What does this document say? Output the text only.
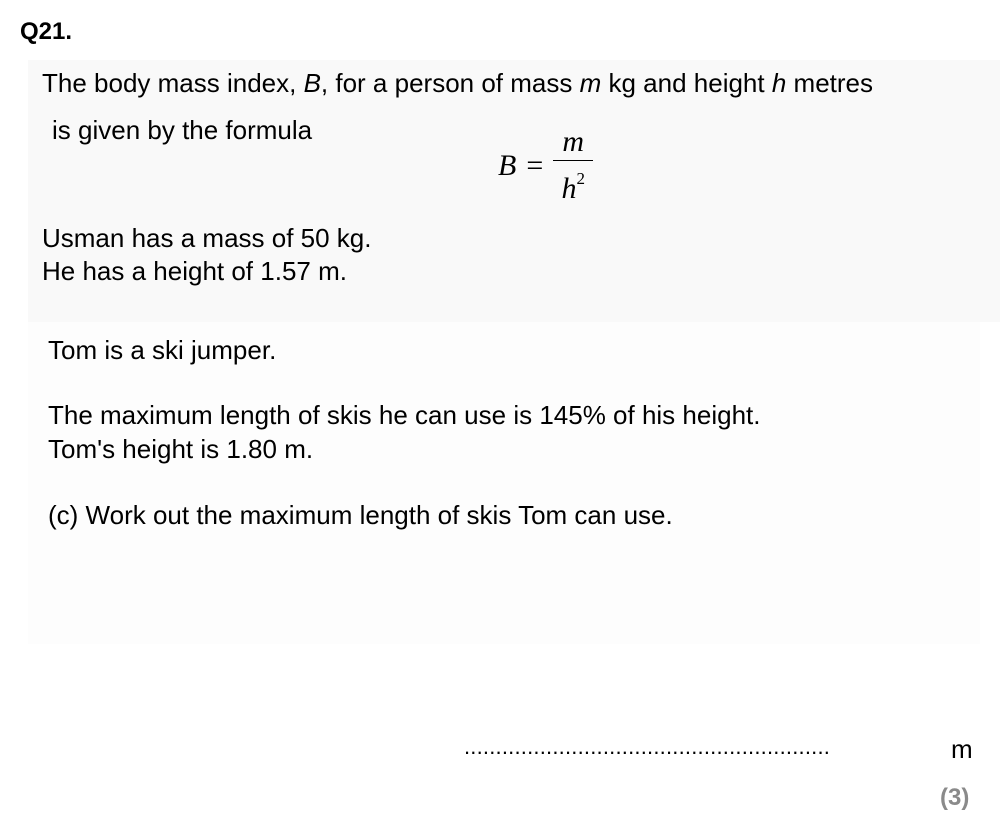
Q21.
The body mass index, B, for a person of mass m kg and height h metres
is given by the formula
$B = \frac{m}{h^2}$
Usman has a mass of 50 kg.
He has a height of 1.57 m.
Tom is a ski jumper.
The maximum length of skis he can use is 145% of his height.
Tom's height is 1.80 m.
(c) Work out the maximum length of skis Tom can use.
..........................................................	m
(3)
